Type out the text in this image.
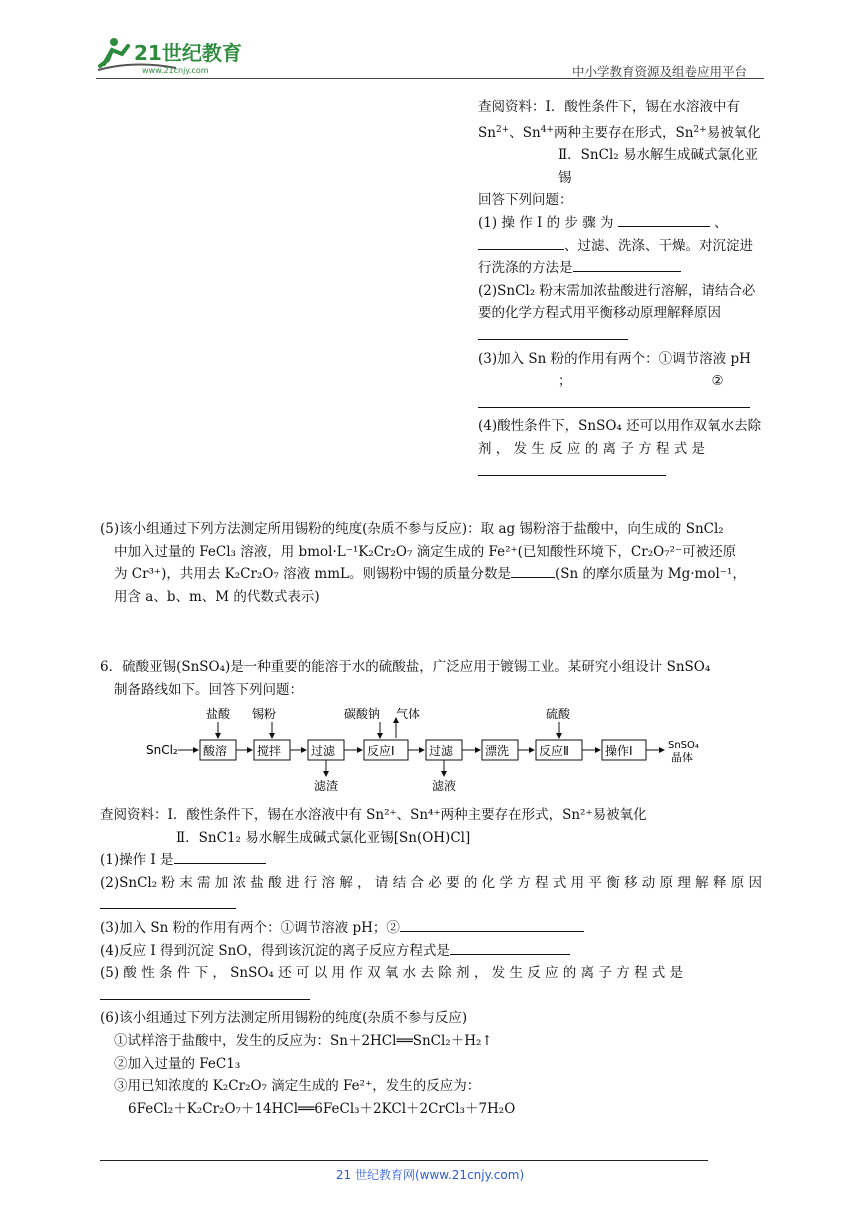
21世纪教育
www.21cnjy.com	中小学教育资源及组卷应用平台

查阅资料：Ⅰ．酸性条件下，锡在水溶液中有 $Sn^{2+}$、$Sn^{4+}$两种主要存在形式，$Sn^{2+}$易被氧化

Ⅱ．SnCl₂ 易水解生成碱式氯化亚锡

回答下列问题：

(1) 操 作 Ⅰ 的 步 骤 为	、、过滤、洗涤、干燥。对沉淀进行洗涤的方法是

(2)SnCl₂ 粉末需加浓盐酸进行溶解，请结合必要的化学方程式用平衡移动原理解释原因

(3)加入 Sn 粉的作用有两个：①调节溶液 pH；	②

(4)酸性条件下，SnSO₄ 还可以用作双氧水去除 剂 ， 发 生 反 应 的 离 子 方 程 式 是

(5)该小组通过下列方法测定所用锡粉的纯度(杂质不参与反应)：取 ag 锡粉溶于盐酸中，向生成的 SnCl₂

中加入过量的 FeCl₃ 溶液，用 bmol·L⁻¹K₂Cr₂O₇ 滴定生成的 Fe²⁺(已知酸性环境下，Cr₂O₇²⁻可被还原

为 Cr³⁺)，共用去 K₂Cr₂O₇ 溶液 mmL。则锡粉中锡的质量分数是	(Sn 的摩尔质量为 Mg·mol⁻¹，

用含 a、b、m、M 的代数式表示)

6．硫酸亚锡(SnSO₄)是一种重要的能溶于水的硫酸盐，广泛应用于镀锡工业。某研究小组设计 SnSO₄

制备路线如下。回答下列问题：

SnCl₂ 酸溶 搅拌 过滤	反应Ⅰ	过滤	漂洗 反应Ⅱ	操作Ⅰ	SnSO₄
晶体
盐酸 锡粉	碳酸钠 气体	硫酸
滤渣	滤液

查阅资料：I．酸性条件下，锡在水溶液中有 Sn²⁺、Sn⁴⁺两种主要存在形式，Sn²⁺易被氧化

Ⅱ．SnC1₂ 易水解生成碱式氯化亚锡[Sn(OH)Cl]

(1)操作 I 是

(2)SnCl₂ 粉 末 需 加 浓 盐 酸 进 行 溶 解 ， 请 结 合 必 要 的 化 学 方 程 式 用 平 衡 移 动 原 理 解 释 原 因

(3)加入 Sn 粉的作用有两个：①调节溶液 pH；②

(4)反应 I 得到沉淀 SnO，得到该沉淀的离子反应方程式是

(5) 酸 性 条 件 下 ， SnSO₄ 还 可 以 用 作 双 氧 水 去 除 剂 ， 发 生 反 应 的 离 子 方 程 式 是

(6)该小组通过下列方法测定所用锡粉的纯度(杂质不参与反应)

①试样溶于盐酸中，发生的反应为：Sn＋2HCl══SnCl₂＋H₂↑

②加入过量的 FeC1₃

③用已知浓度的 K₂Cr₂O₇ 滴定生成的 Fe²⁺，发生的反应为：

6FeCl₂＋K₂Cr₂O₇＋14HCl══6FeCl₃＋2KCl＋2CrCl₃＋7H₂O

21 世纪教育网(www.21cnjy.com)
